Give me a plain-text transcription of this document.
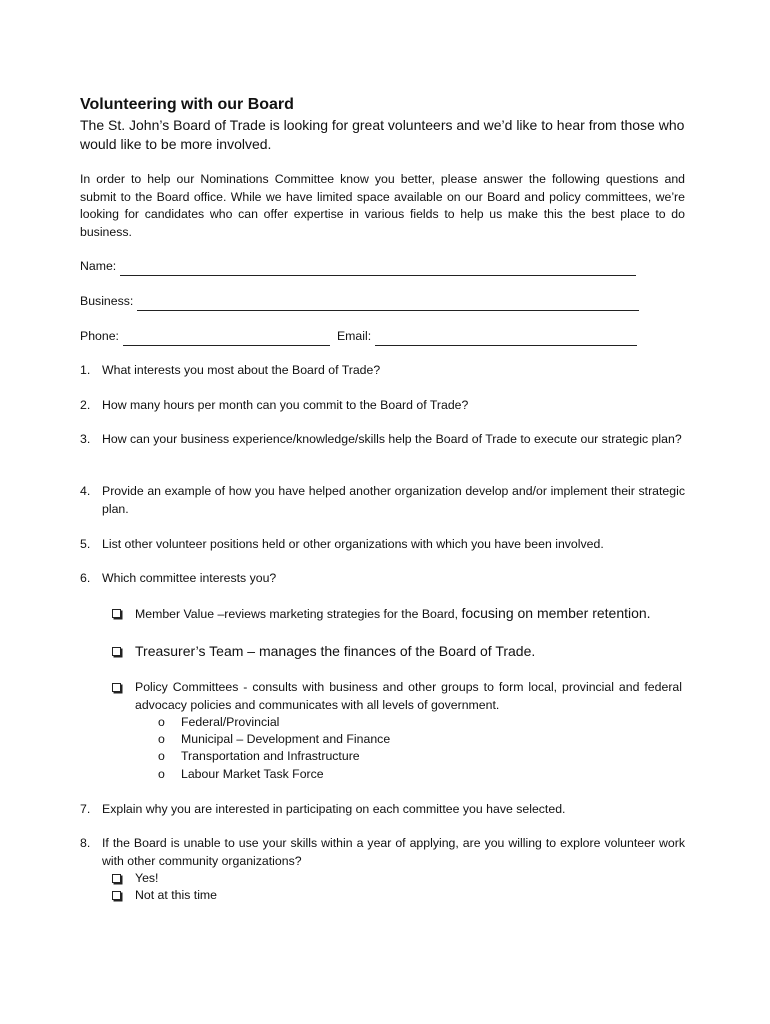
Volunteering with our Board
The St. John’s Board of Trade is looking for great volunteers and we’d like to hear from those who would like to be more involved.
In order to help our Nominations Committee know you better, please answer the following questions and submit to the Board office. While we have limited space available on our Board and policy committees, we’re looking for candidates who can offer expertise in various fields to help us make this the best place to do business.
Name:
Business:
Phone:	Email:
1. What interests you most about the Board of Trade?
2. How many hours per month can you commit to the Board of Trade?
3. How can your business experience/knowledge/skills help the Board of Trade to execute our strategic plan?
4. Provide an example of how you have helped another organization develop and/or implement their strategic plan.
5. List other volunteer positions held or other organizations with which you have been involved.
6. Which committee interests you?
Member Value –reviews marketing strategies for the Board, focusing on member retention.
Treasurer’s Team – manages the finances of the Board of Trade.
Policy Committees - consults with business and other groups to form local, provincial and federal advocacy policies and communicates with all levels of government.
o Federal/Provincial
o Municipal – Development and Finance
o Transportation and Infrastructure
o Labour Market Task Force
7. Explain why you are interested in participating on each committee you have selected.
8. If the Board is unable to use your skills within a year of applying, are you willing to explore volunteer work with other community organizations?
Yes!
Not at this time
